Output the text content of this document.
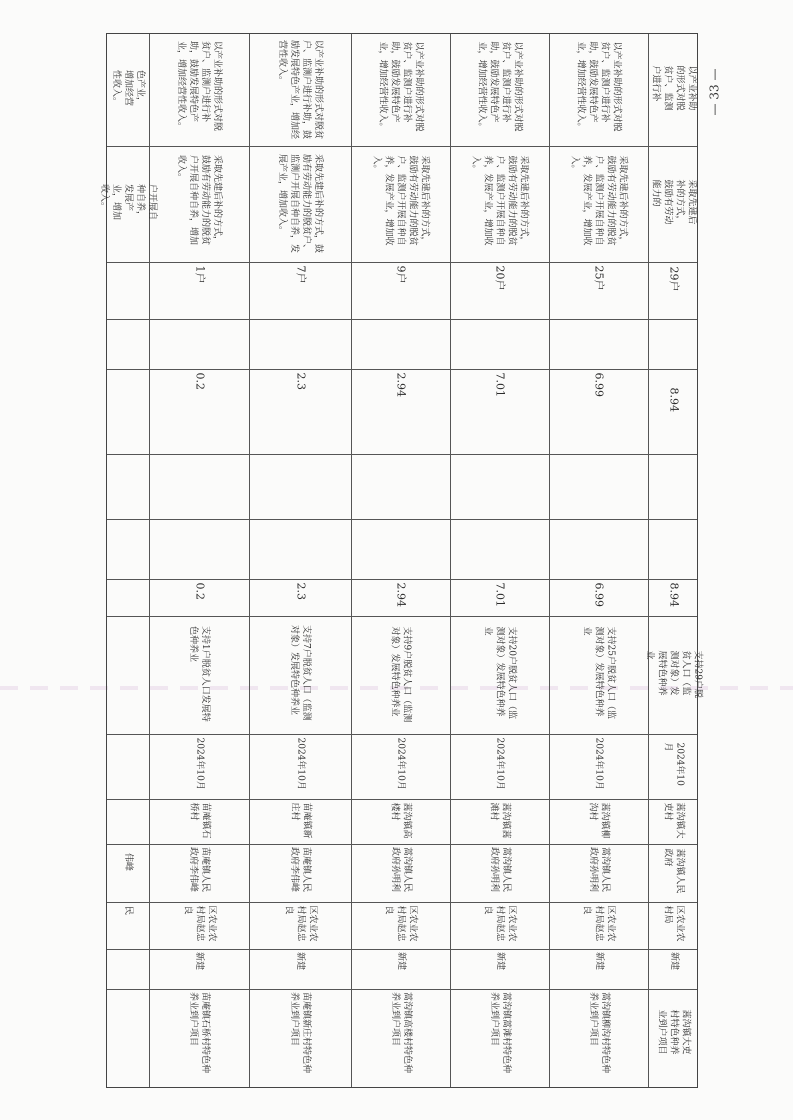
— 33 —
民
伟峰
户开展自种自养，发展产业，增加收入。
色产业，增加经营性收入。	以产业补助的形式对脱贫户、监测户进行补助，鼓励发展特色产业，增加经营性收入。
采取先建后补的方式，鼓励有劳动能力的脱贫户开展自种自养，增加收入。
1户
0.2
0.2
支持1户脱贫人口发展特色种养业
2024年10月
苗庵镇石桥村
苗庵镇人民政府李伟峰
区农业农村局赵忠良
新建
苗庵镇石桥村特色种养业到户项目
以产业补助的形式对脱贫户、监测户进行补助，鼓励发展特色产业，增加经营性收入。
采取先建后补的方式，鼓励有劳动能力的脱贫户、监测户开展自种自养，发展产业，增加收入。
7户
2.3
2.3
支持7户脱贫人口（监测对象）发展特色种养业
2024年10月
苗庵镇新庄村
苗庵镇人民政府李伟峰
区农业农村局赵忠良
新建
苗庵镇新庄村特色种养业到户项目
以产业补助的形式对脱贫户、监测户进行补助，鼓励发展特色产业，增加经营性收入。
采取先建后补的方式，鼓励有劳动能力的脱贫户、监测户开展自种自养，发展产业，增加收入。
9户
2.94
2.94
支持9户脱贫人口（监测对象）发展特色种养业
2024年10月
蒿沟镇高楼村
蒿沟镇人民政府孙明利
区农业农村局赵忠良
新建
蒿沟镇高楼村特色种养业到户项目
以产业补助的形式对脱贫户、监测户进行补助，鼓励发展特色产业，增加经营性收入。
采取先建后补的方式，鼓励有劳动能力的脱贫户、监测户开展自种自养，发展产业，增加收入。
20户
7.01
7.01
支持20户脱贫人口（监测对象）发展特色种养业
2024年10月
蒿沟镇蒿滩村
蒿沟镇人民政府孙明利
区农业农村局赵忠良
新建
蒿沟镇蒿滩村特色种养业到户项目
以产业补助的形式对脱贫户、监测户进行补助，鼓励发展特色产业，增加经营性收入。
采取先建后补的方式，鼓励有劳动能力的脱贫户、监测户开展自种自养，发展产业，增加收入。
25户
6.99
6.99
支持25户脱贫人口（监测对象）发展特色种养业
2024年10月
蒿沟镇柳沟村
蒿沟镇人民政府孙明利
区农业农村局赵忠良
新建
蒿沟镇柳沟村特色种养业到户项目
以产业补助的形式对脱贫户、监测户进行补
采取先建后补的方式，鼓励有劳动能力的
29户
8.94
8.94
支持29户脱贫人口（监测对象）发展特色种养业
2024年10月
蒿沟镇大吏村
蒿沟镇人民政府
区农业农村局
新建
蒿沟镇大吏村特色种养业到户项目
